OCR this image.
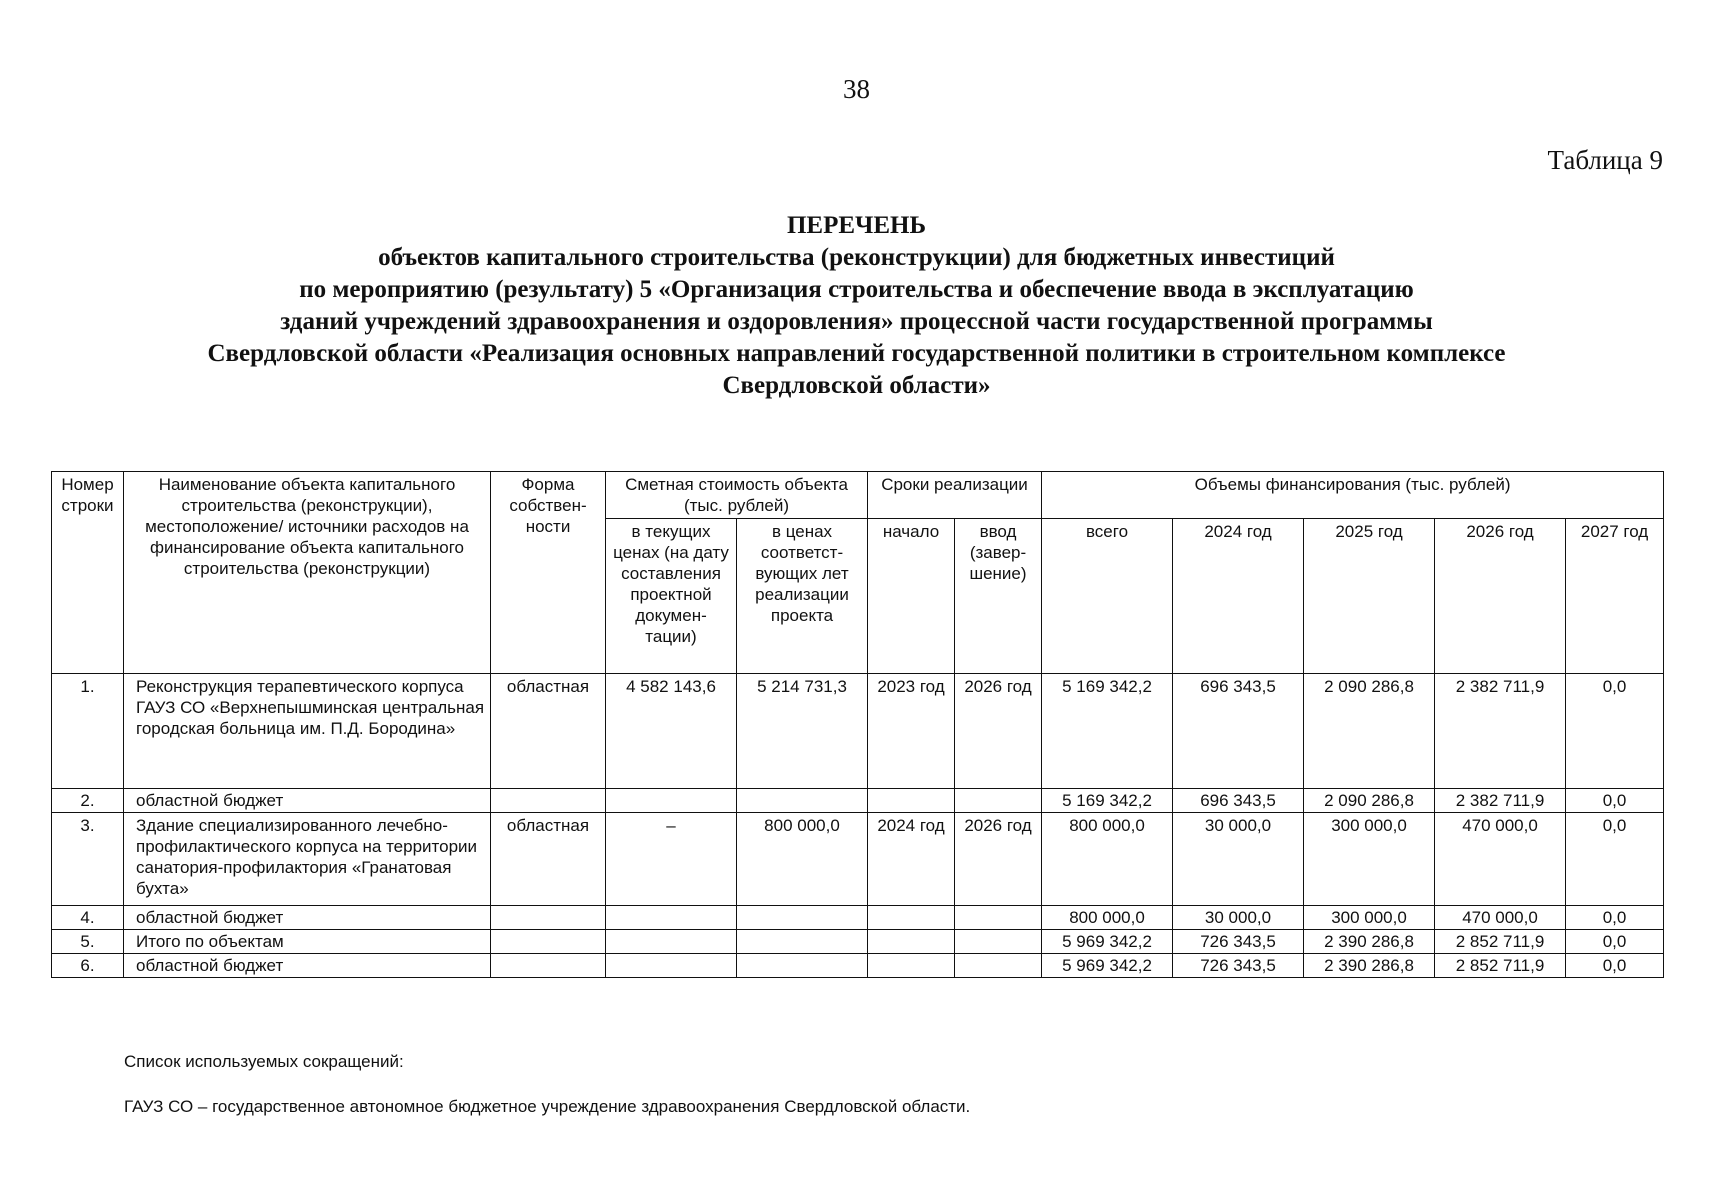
38
Таблица 9
ПЕРЕЧЕНЬ
объектов капитального строительства (реконструкции) для бюджетных инвестиций
по мероприятию (результату) 5 «Организация строительства и обеспечение ввода в эксплуатацию
зданий учреждений здравоохранения и оздоровления» процессной части государственной программы
Свердловской области «Реализация основных направлений государственной политики в строительном комплексе
Свердловской области»
Номер строки	Наименование объекта капитального строительства (реконструкции), местоположение/ источники расходов на финансирование объекта капитального строительства (реконструкции)	Форма собствен- ности	Сметная стоимость объекта (тыс. рублей)		Сроки реализации		Объемы финансирования (тыс. рублей)				
			в текущих ценах (на дату составления проектной докумен- тации)	в ценах соответст- вующих лет реализации проекта	начало	ввод (завер- шение)	всего	2024 год	2025 год	2026 год	2027 год
1.	Реконструкция терапевтического корпуса ГАУЗ СО «Верхнепышминская центральная городская больница им. П.Д. Бородина»	областная	4 582 143,6	5 214 731,3	2023 год	2026 год	5 169 342,2	696 343,5	2 090 286,8	2 382 711,9	0,0
2.	областной бюджет						5 169 342,2	696 343,5	2 090 286,8	2 382 711,9	0,0
3.	Здание специализированного лечебно-профилактического корпуса на территории санатория-профилактория «Гранатовая бухта»	областная	–	800 000,0	2024 год	2026 год	800 000,0	30 000,0	300 000,0	470 000,0	0,0
4.	областной бюджет						800 000,0	30 000,0	300 000,0	470 000,0	0,0
5.	Итого по объектам						5 969 342,2	726 343,5	2 390 286,8	2 852 711,9	0,0
6.	областной бюджет						5 969 342,2	726 343,5	2 390 286,8	2 852 711,9	0,0
Список используемых сокращений:
ГАУЗ СО – государственное автономное бюджетное учреждение здравоохранения Свердловской области.
